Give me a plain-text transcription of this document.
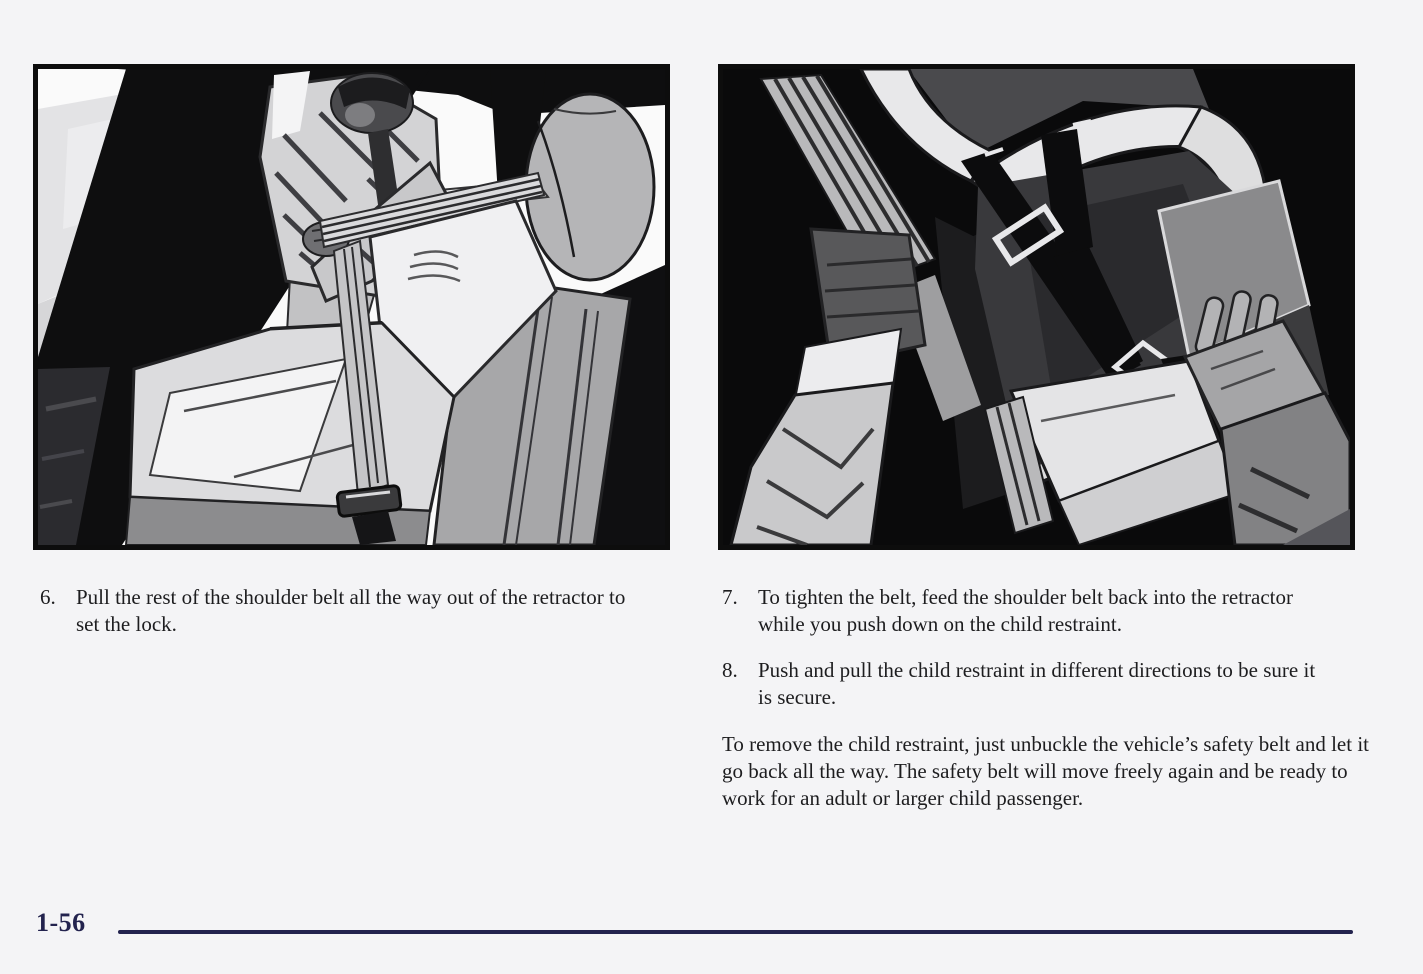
6. Pull the rest of the shoulder belt all the way out of the retractor to set the lock.
7. To tighten the belt, feed the shoulder belt back into the retractor while you push down on the child restraint.
8. Push and pull the child restraint in different directions to be sure it is secure.
To remove the child restraint, just unbuckle the vehicle’s safety belt and let it go back all the way. The safety belt will move freely again and be ready to work for an adult or larger child passenger.
1-56
